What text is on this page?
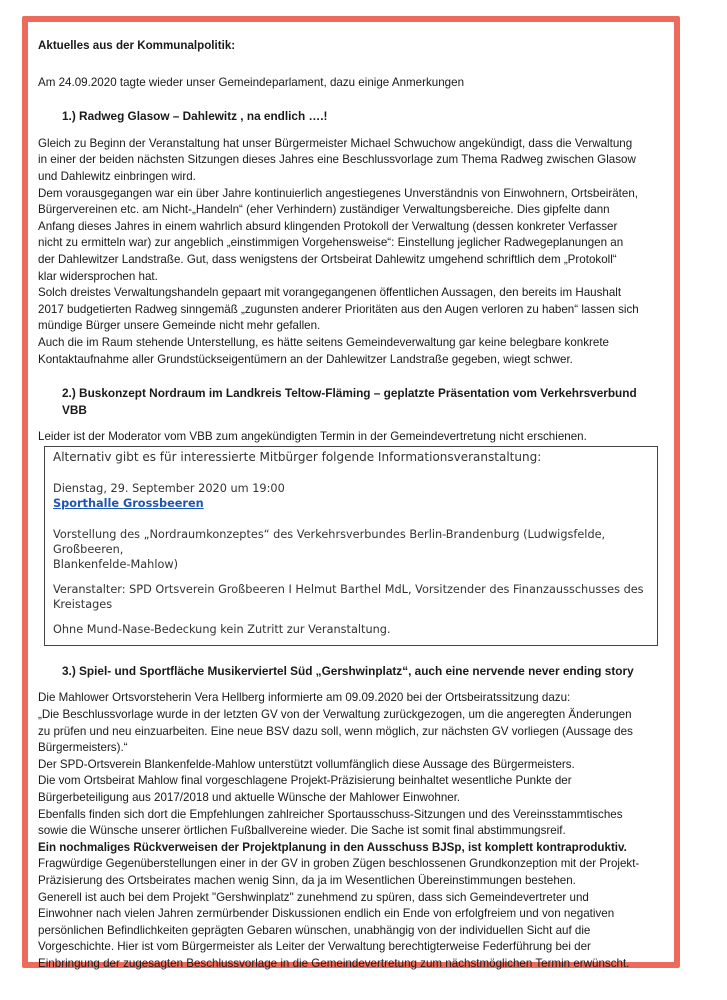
Aktuelles aus der Kommunalpolitik:

Am 24.09.2020 tagte wieder unser Gemeindeparlament, dazu einige Anmerkungen

1.) Radweg Glasow – Dahlewitz , na endlich ….!

Gleich zu Beginn der Veranstaltung hat unser Bürgermeister Michael Schwuchow angekündigt, dass die Verwaltung

in einer der beiden nächsten Sitzungen dieses Jahres eine Beschlussvorlage zum Thema Radweg zwischen Glasow

und Dahlewitz einbringen wird.

Dem vorausgegangen war ein über Jahre kontinuierlich angestiegenes Unverständnis von Einwohnern, Ortsbeiräten,

Bürgervereinen etc. am Nicht-„Handeln“ (eher Verhindern) zuständiger Verwaltungsbereiche. Dies gipfelte dann

Anfang dieses Jahres in einem wahrlich absurd klingenden Protokoll der Verwaltung (dessen konkreter Verfasser

nicht zu ermitteln war) zur angeblich „einstimmigen Vorgehensweise“: Einstellung jeglicher Radwegeplanungen an

der Dahlewitzer Landstraße. Gut, dass wenigstens der Ortsbeirat Dahlewitz umgehend schriftlich dem „Protokoll“

klar widersprochen hat.

Solch dreistes Verwaltungshandeln gepaart mit vorangegangenen öffentlichen Aussagen, den bereits im Haushalt

2017 budgetierten Radweg sinngemäß „zugunsten anderer Prioritäten aus den Augen verloren zu haben“ lassen sich

mündige Bürger unsere Gemeinde nicht mehr gefallen.

Auch die im Raum stehende Unterstellung, es hätte seitens Gemeindeverwaltung gar keine belegbare konkrete

Kontaktaufnahme aller Grundstückseigentümern an der Dahlewitzer Landstraße gegeben, wiegt schwer.

2.) Buskonzept Nordraum im Landkreis Teltow-Fläming – geplatzte Präsentation vom Verkehrsverbund VBB

Leider ist der Moderator vom VBB zum angekündigten Termin in der Gemeindevertretung nicht erschienen.

Alternativ gibt es für interessierte Mitbürger folgende Informationsveranstaltung:

Dienstag, 29. September 2020 um 19:00

Sporthalle Grossbeeren

Vorstellung des „Nordraumkonzeptes“ des Verkehrsverbundes Berlin-Brandenburg (Ludwigsfelde, Großbeeren,

Blankenfelde-Mahlow)

Veranstalter: SPD Ortsverein Großbeeren I Helmut Barthel MdL, Vorsitzender des Finanzausschusses des

Kreistages

Ohne Mund-Nase-Bedeckung kein Zutritt zur Veranstaltung.

3.) Spiel- und Sportfläche Musikerviertel Süd „Gershwinplatz“, auch eine nervende never ending story

Die Mahlower Ortsvorsteherin Vera Hellberg informierte am 09.09.2020 bei der Ortsbeiratssitzung dazu:

„Die Beschlussvorlage wurde in der letzten GV von der Verwaltung zurückgezogen, um die angeregten Änderungen

zu prüfen und neu einzuarbeiten. Eine neue BSV dazu soll, wenn möglich, zur nächsten GV vorliegen (Aussage des

Bürgermeisters).“

Der SPD-Ortsverein Blankenfelde-Mahlow unterstützt vollumfänglich diese Aussage des Bürgermeisters.

Die vom Ortsbeirat Mahlow final vorgeschlagene Projekt-Präzisierung beinhaltet wesentliche Punkte der

Bürgerbeteiligung aus 2017/2018 und aktuelle Wünsche der Mahlower Einwohner.

Ebenfalls finden sich dort die Empfehlungen zahlreicher Sportausschuss-Sitzungen und des Vereinsstammtisches

sowie die Wünsche unserer örtlichen Fußballvereine wieder. Die Sache ist somit final abstimmungsreif.

Ein nochmaliges Rückverweisen der Projektplanung in den Ausschuss BJSp, ist komplett kontraproduktiv.

Fragwürdige Gegenüberstellungen einer in der GV in groben Zügen beschlossenen Grundkonzeption mit der Projekt-

Präzisierung des Ortsbeirates machen wenig Sinn, da ja im Wesentlichen Übereinstimmungen bestehen.

Generell ist auch bei dem Projekt "Gershwinplatz" zunehmend zu spüren, dass sich Gemeindevertreter und

Einwohner nach vielen Jahren zermürbender Diskussionen endlich ein Ende von erfolgfreiem und von negativen

persönlichen Befindlichkeiten geprägten Gebaren wünschen, unabhängig von der individuellen Sicht auf die

Vorgeschichte. Hier ist vom Bürgermeister als Leiter der Verwaltung berechtigterweise Federführung bei der

Einbringung der zugesagten Beschlussvorlage in die Gemeindevertretung zum nächstmöglichen Termin erwünscht.
